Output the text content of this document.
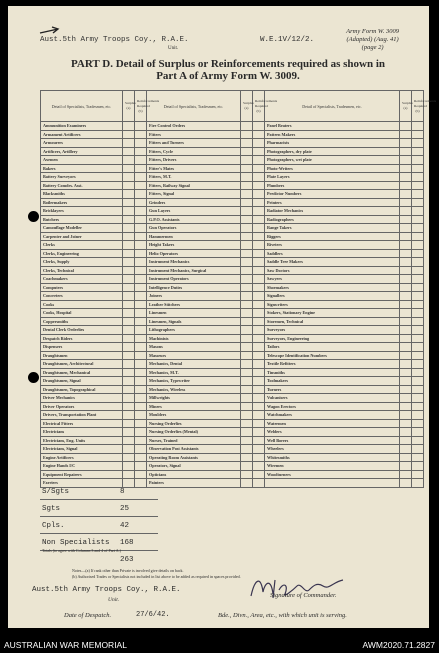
Aust.5th Army Troops Coy., R.A.E.
Unit.
W.E.1V/12/2.
Army Form W. 3009
(Adapted) (Aug. 41)
(page 2)
PART D. Detail of Surplus or Reinforcements required as shown in
Part A of Army Form W. 3009.
Detail of Specialists, Tradesmen, etc.	Surplus (a)	Reinforcements Required (b)	Detail of Specialists, Tradesmen, etc.	Surplus (a)	Reinforcements Required (b)	Detail of Specialists, Tradesmen, etc.	Surplus (a)	Reinforcements Required (b)
Ammunition Examiners			Fire Control Orders			Panel Beaters		
Armament Artificers			Fitters			Pattern Makers		
Armourers			Fitters and Turners			Pharmacists		
Artificers, Artillery			Fitters, Cycle			Photographers, dry plate		
Axemen			Fitters, Drivers			Photographers, wet plate		
Bakers			Fitter's Mates			Photo-Writers		
Battery Surveyors			Fitters, M.T.			Plate Layers		
Battery Comdrs. Asst.			Fitters, Railway Signal			Plumbers		
Blacksmiths			Fitters, Signal			Predictor Numbers		
Boilermakers			Grinders			Printers		
Bricklayers			Gun Layers			Radiator Mechanics		
Butchers			G.P.O. Assistants			Radiographers		
Camouflage Modeller			Gun Operators			Range Takers		
Carpenter and Joiner			Hammermen			Riggers		
Clerks			Height Takers			Riveters		
Clerks, Engineering			Helio Operators			Saddlers		
Clerks, Supply			Instrument Mechanics			Saddle Tree Makers		
Clerks, Technical			Instrument Mechanics, Surgical			Saw Doctors		
Coachmakers			Instrument Operators			Sawyers		
Computers			Intelligence Duties			Shoemakers		
Concreters			Joiners			Signallers		
Cooks			Leather Stitchers			Signwriters		
Cooks, Hospital			Linesmen			Stokers, Stationary Engine		
Coppersmiths			Linesmen, Signals			Storemen, Technical		
Dental Clerk Orderlies			Lithographers			Surveyors		
Despatch Riders			Machinists			Surveyors, Engineering		
Dispensers			Masons			Tailors		
Draughtsmen			Masseurs			Telescope Identification Numbers		
Draughtsmen, Architectural			Mechanics, Dental			Textile Refitters		
Draughtsmen, Mechanical			Mechanics, M.T.			Tinsmiths		
Draughtsmen, Signal			Mechanics, Typewriter			Toolmakers		
Draughtsmen, Topographical			Mechanics, Wireless			Turners		
Driver Mechanics			Millwrights			Vulcanisers		
Driver Operators			Miners			Wagon Erectors		
Drivers, Transportation Plant			Moulders			Watchmakers		
Electrical Fitters			Nursing Orderlies			Watermen		
Electricians			Nursing Orderlies (Mental)			Welders		
Electricians, Eng. Units			Nurses, Trained			Well Borers		
Electricians, Signal			Observation Post Assistants			Wheelers		
Engine Artificers			Operating Room Assistants			Whitesmiths		
Engine Hands I/C			Operators, Signal			Wiremen		
Equipment Repairers			Opticians			Woodturners		
Farriers			Painters					
S/Sgts	8
Sgts	25
Cpls.	42
Non Specialists 168
263
Totals (to agree with Columns 3 and 4 of Part A.)
Notes—(a) If rank other than Private is involved give details on back.
(b) Authorised Trades or Specialists not included in list above to be added as required in spaces provided.
Aust.5th Army Troops Coy., R.A.E.
Unit.
Signature of Commander.
Date of Despatch.	27/6/42.	Bde., Divn., Area, etc., with which unit is serving.
AUSTRALIAN WAR MEMORIAL	AWM2020.71.2827
